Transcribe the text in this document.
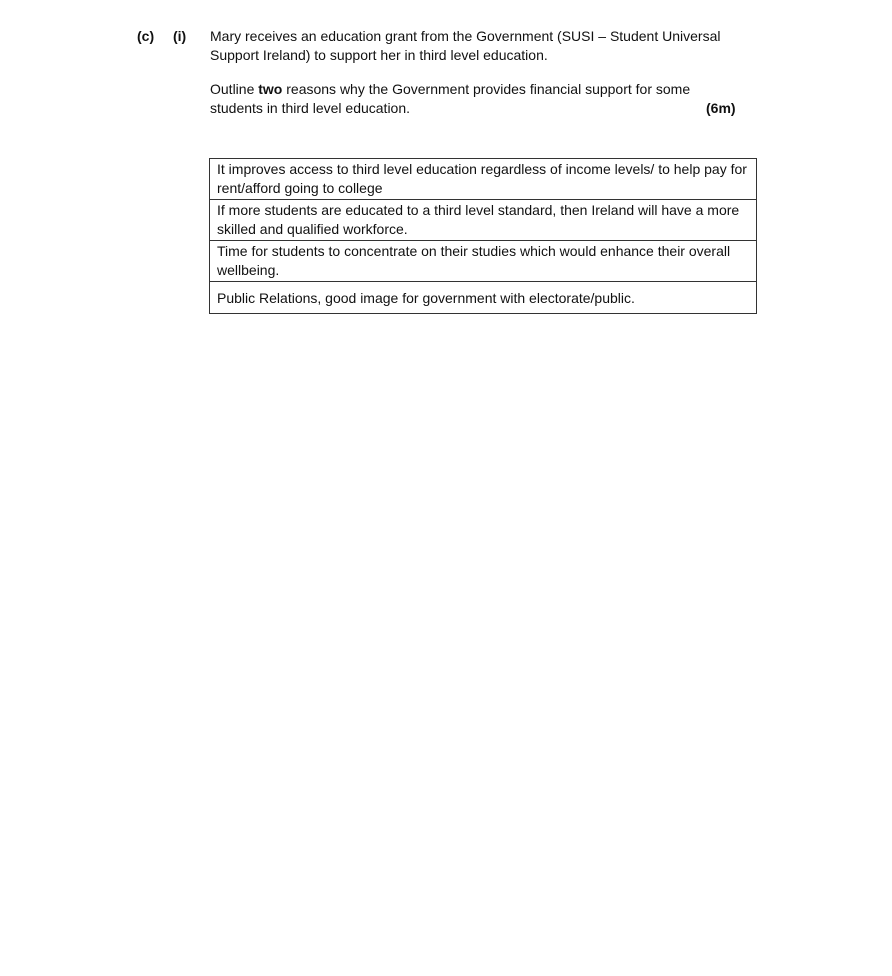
(c) (i) Mary receives an education grant from the Government (SUSI – Student Universal Support Ireland) to support her in third level education.

Outline two reasons why the Government provides financial support for some students in third level education.	(6m)
It improves access to third level education regardless of income levels/ to help pay for rent/afford going to college
If more students are educated to a third level standard, then Ireland will have a more skilled and qualified workforce.
Time for students to concentrate on their studies which would enhance their overall wellbeing.
Public Relations, good image for government with electorate/public.
